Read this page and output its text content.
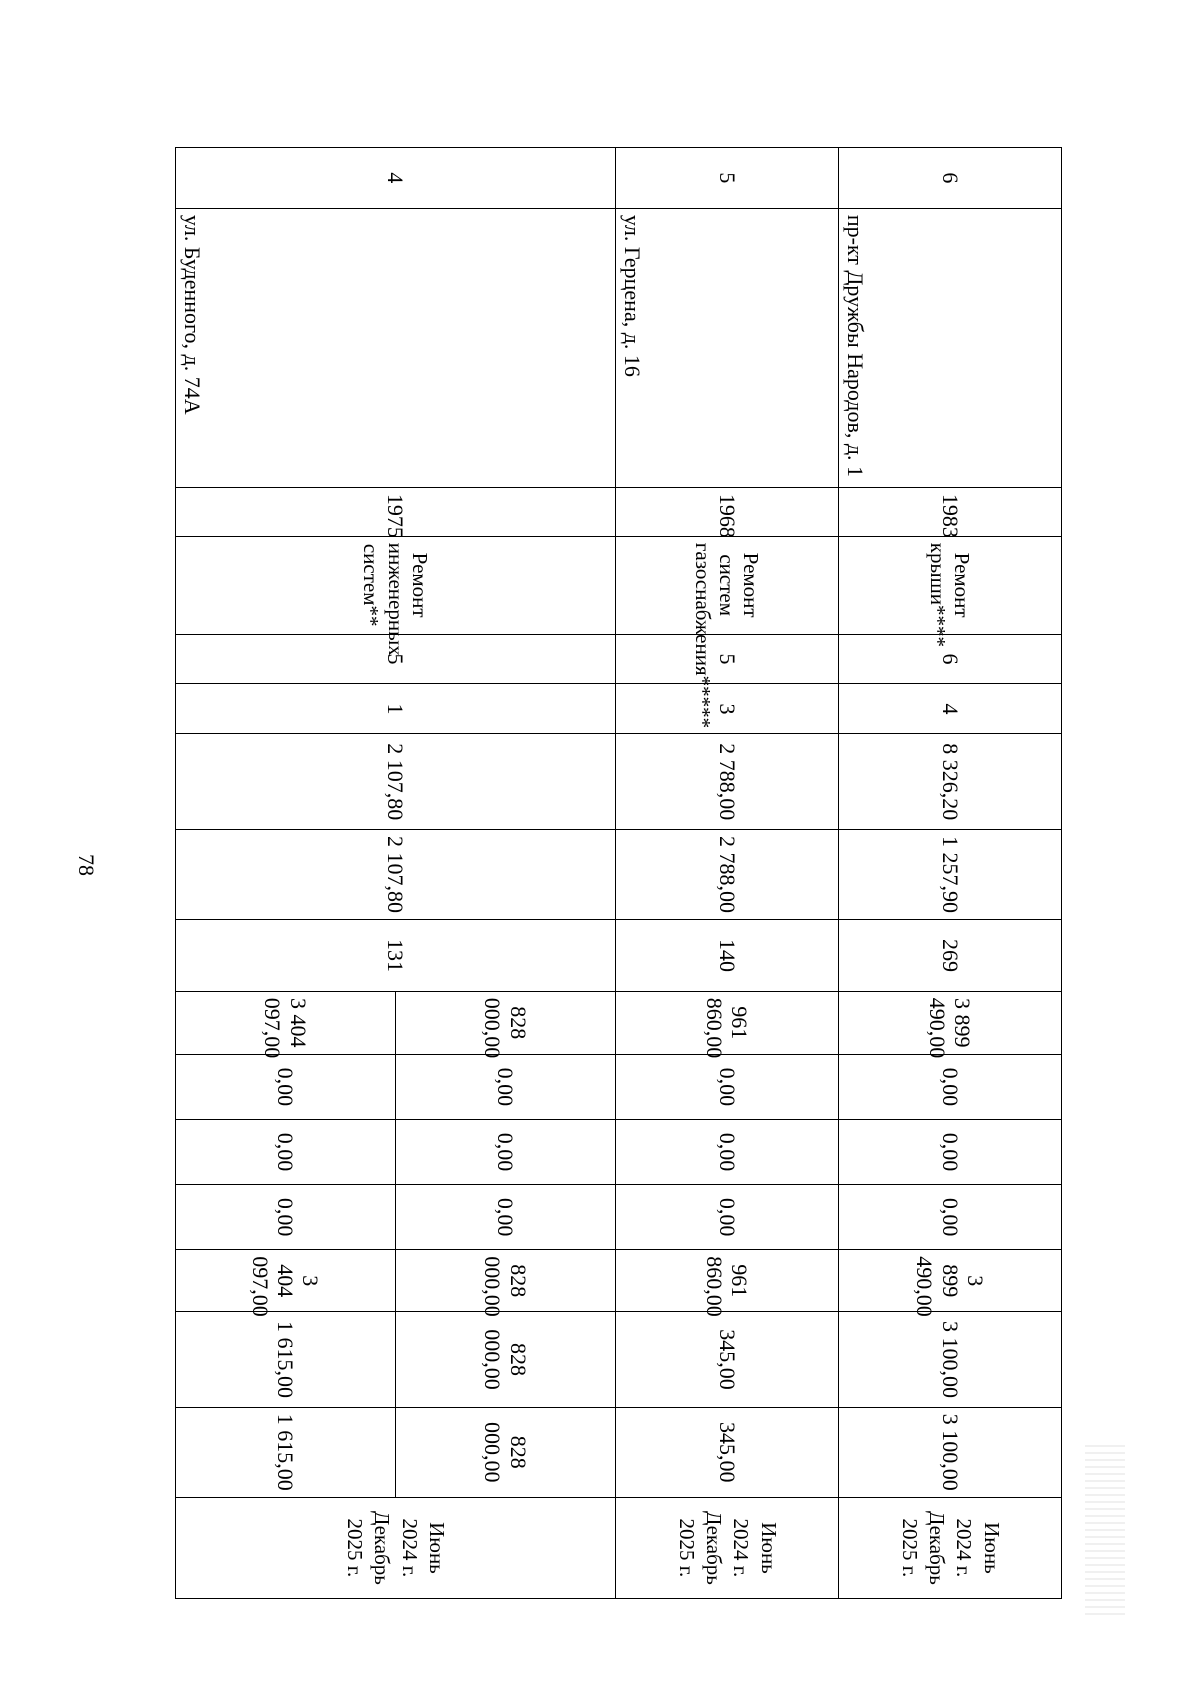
78
6	пр-кт Дружбы Народов, д. 1	1983	Ремонт крыши****	6	4	8 326,20	1 257,90	269	3 899 490,00	0,00	0,00	0,00	3 899 490,00	3 100,00	3 100,00	Июнь 2024 г.
Декабрь 2025 г.
5	ул. Герцена, д. 16	1968	Ремонт систем газоснабжения*****	5	3	2 788,00	2 788,00	140	961 860,00	0,00	0,00	0,00	961 860,00	345,00	345,00	Июнь 2024 г.
Декабрь 2025 г.
4	ул. Буденного, д. 74А	1975	Ремонт инженерных систем**	5	1	2 107,80	2 107,80	131	828 000,00	0,00	0,00	0,00	828 000,00	828 000,00	828 000,00	Июнь 2024 г.
Декабрь 2025 г.
									3 404 097,00	0,00	0,00	0,00	3 404 097,00	1 615,00	1 615,00	
